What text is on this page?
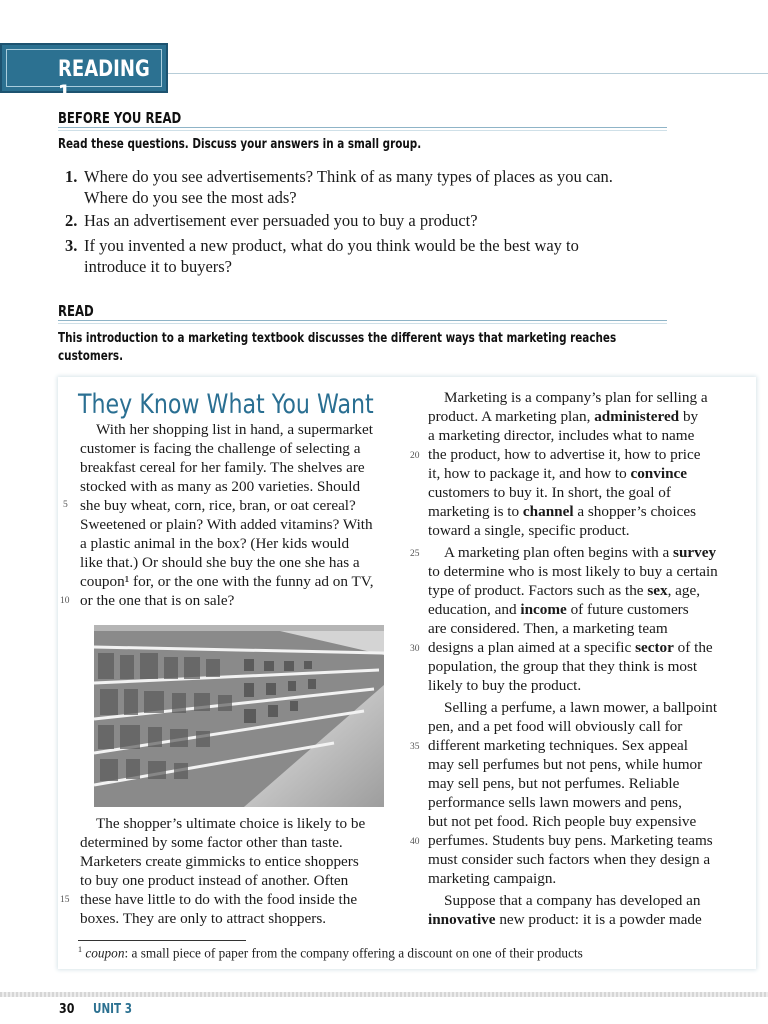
READING 1
BEFORE YOU READ
Read these questions. Discuss your answers in a small group.
1. Where do you see advertisements? Think of as many types of places as you can.
Where do you see the most ads?
2. Has an advertisement ever persuaded you to buy a product?
3. If you invented a new product, what do you think would be the best way to
introduce it to buyers?
READ
This introduction to a marketing textbook discusses the different ways that marketing reaches
customers.
They Know What You Want
With her shopping list in hand, a supermarket
customer is facing the challenge of selecting a
breakfast cereal for her family. The shelves are
stocked with as many as 200 varieties. Should
she buy wheat, corn, rice, bran, or oat cereal?
Sweetened or plain? With added vitamins? With
a plastic animal in the box? (Her kids would
like that.) Or should she buy the one she has a
coupon¹ for, or the one with the funny ad on TV,
or the one that is on sale?
5
10
The shopper’s ultimate choice is likely to be
determined by some factor other than taste.
Marketers create gimmicks to entice shoppers
to buy one product instead of another. Often
these have little to do with the food inside the
boxes. They are only to attract shoppers.
15
Marketing is a company’s plan for selling a
product. A marketing plan, administered by
a marketing director, includes what to name
the product, how to advertise it, how to price
it, how to package it, and how to convince
customers to buy it. In short, the goal of
marketing is to channel a shopper’s choices
toward a single, specific product.
A marketing plan often begins with a survey
to determine who is most likely to buy a certain
type of product. Factors such as the sex, age,
education, and income of future customers
are considered. Then, a marketing team
designs a plan aimed at a specific sector of the
population, the group that they think is most
likely to buy the product.
Selling a perfume, a lawn mower, a ballpoint
pen, and a pet food will obviously call for
different marketing techniques. Sex appeal
may sell perfumes but not pens, while humor
may sell pens, but not perfumes. Reliable
performance sells lawn mowers and pens,
but not pet food. Rich people buy expensive
perfumes. Students buy pens. Marketing teams
must consider such factors when they design a
marketing campaign.
Suppose that a company has developed an
innovative new product: it is a powder made
20
25
30
35
40
$^1$ coupon: a small piece of paper from the company offering a discount on one of their products
30 UNIT 3
